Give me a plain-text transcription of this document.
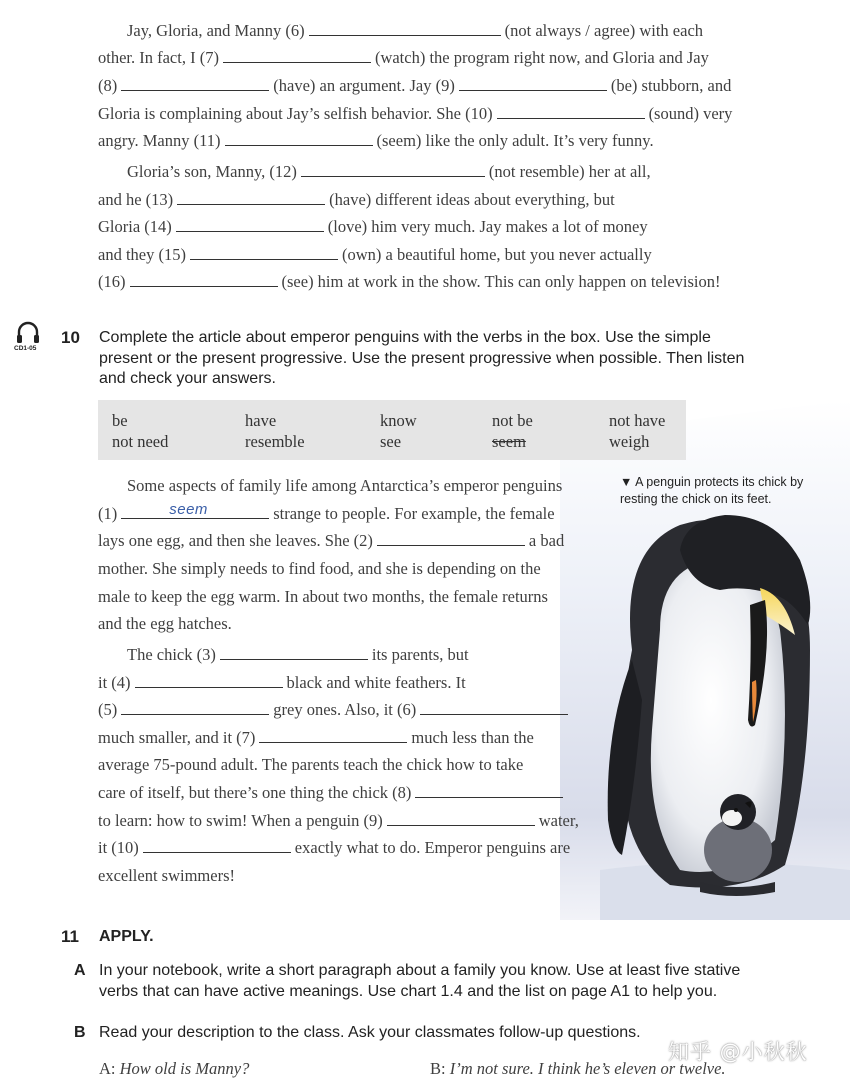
Jay, Gloria, and Manny (6)	(not always / agree) with each
other. In fact, I (7)	(watch) the program right now, and Gloria and Jay
(8)	(have) an argument. Jay (9)	(be) stubborn, and
Gloria is complaining about Jay’s selfish behavior. She (10)	(sound) very
angry. Manny (11)	(seem) like the only adult. It’s very funny.
Gloria’s son, Manny, (12)	(not resemble) her at all,
and he (13)	(have) different ideas about everything, but
Gloria (14)	(love) him very much. Jay makes a lot of money
and they (15)	(own) a beautiful home, but you never actually
(16)	(see) him at work in the show. This can only happen on television!
CD1-05
10 Complete the article about emperor penguins with the verbs in the box. Use the simple
present or the present progressive. Use the present progressive when possible. Then listen
and check your answers.
be	have	know	not be	not have
not need	resemble	see	seem	weigh
▼ A penguin protects its chick by resting the chick on its feet.
Some aspects of family life among Antarctica’s emperor penguins
(1)	seem	strange to people. For example, the female
lays one egg, and then she leaves. She (2)	a bad
mother. She simply needs to find food, and she is depending on the
male to keep the egg warm. In about two months, the female returns
and the egg hatches.
The chick (3)	its parents, but
it (4)	black and white feathers. It
(5)	grey ones. Also, it (6)
much smaller, and it (7)	much less than the
average 75-pound adult. The parents teach the chick how to take
care of itself, but there’s one thing the chick (8)
to learn: how to swim! When a penguin (9)	water,
it (10)	exactly what to do. Emperor penguins are
excellent swimmers!
11 APPLY.
A In your notebook, write a short paragraph about a family you know. Use at least five stative
verbs that can have active meanings. Use chart 1.4 and the list on page A1 to help you.
B Read your description to the class. Ask your classmates follow-up questions.
A: How old is Manny?	B: I’m not sure. I think he’s eleven or twelve.
知乎 @小秋秋
